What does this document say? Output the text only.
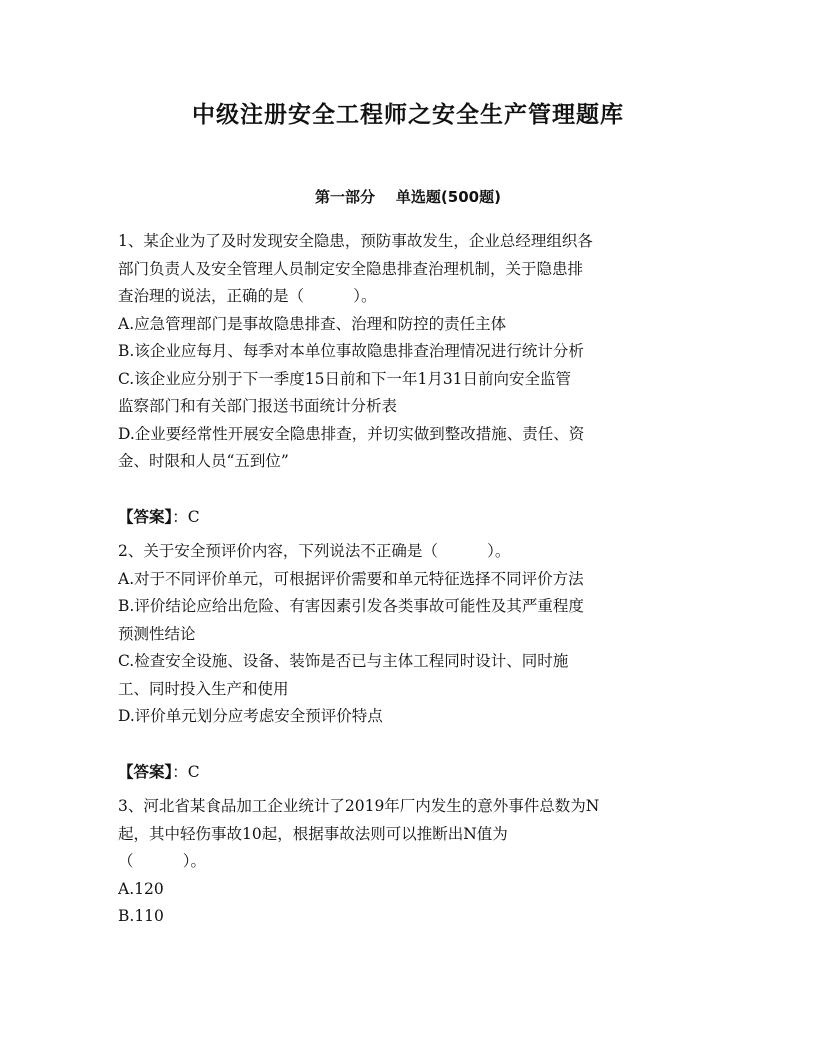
中级注册安全工程师之安全生产管理题库
第一部分    单选题(500题)
1、某企业为了及时发现安全隐患，预防事故发生，企业总经理组织各
部门负责人及安全管理人员制定安全隐患排查治理机制，关于隐患排
查治理的说法，正确的是（          ）。
A.应急管理部门是事故隐患排查、治理和防控的责任主体
B.该企业应每月、每季对本单位事故隐患排查治理情况进行统计分析
C.该企业应分别于下一季度15日前和下一年1月31日前向安全监管
监察部门和有关部门报送书面统计分析表
D.企业要经常性开展安全隐患排查，并切实做到整改措施、责任、资
金、时限和人员“五到位”
【答案】：C
2、关于安全预评价内容，下列说法不正确是（          ）。
A.对于不同评价单元，可根据评价需要和单元特征选择不同评价方法
B.评价结论应给出危险、有害因素引发各类事故可能性及其严重程度
预测性结论
C.检查安全设施、设备、装饰是否已与主体工程同时设计、同时施
工、同时投入生产和使用
D.评价单元划分应考虑安全预评价特点
【答案】：C
3、河北省某食品加工企业统计了2019年厂内发生的意外事件总数为N
起，其中轻伤事故10起，根据事故法则可以推断出N值为
（          ）。
A.120
B.110
